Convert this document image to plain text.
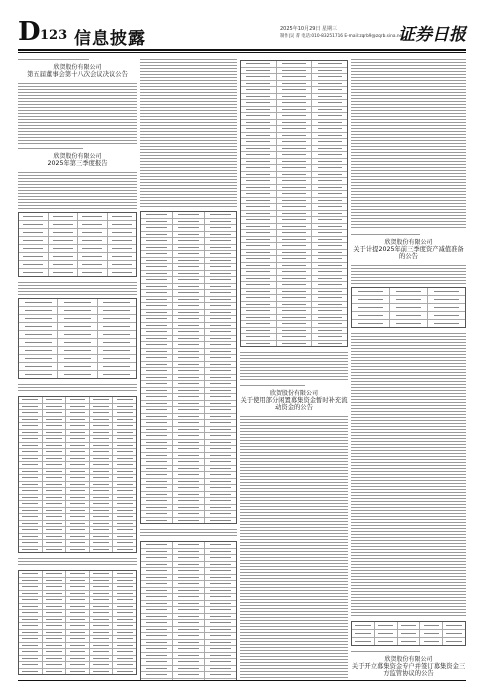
D 123 信息披露	2025年10月29日 星期三
制作|吴 菁 电话:010-83251716 E-mail:zqrb9@zqrb.sina.net
证券日报
欣贺股份有限公司
第五届董事会第十八次会议决议公告
欣贺股份有限公司
2025年第三季度报告
欣贺股份有限公司
关于使用部分闲置募集资金暂时补充流动资金的公告
欣贺股份有限公司
关于计提2025年前三季度资产减值准备的公告
欣贺股份有限公司
关于开立募集资金专户并签订募集资金三方监管协议的公告
